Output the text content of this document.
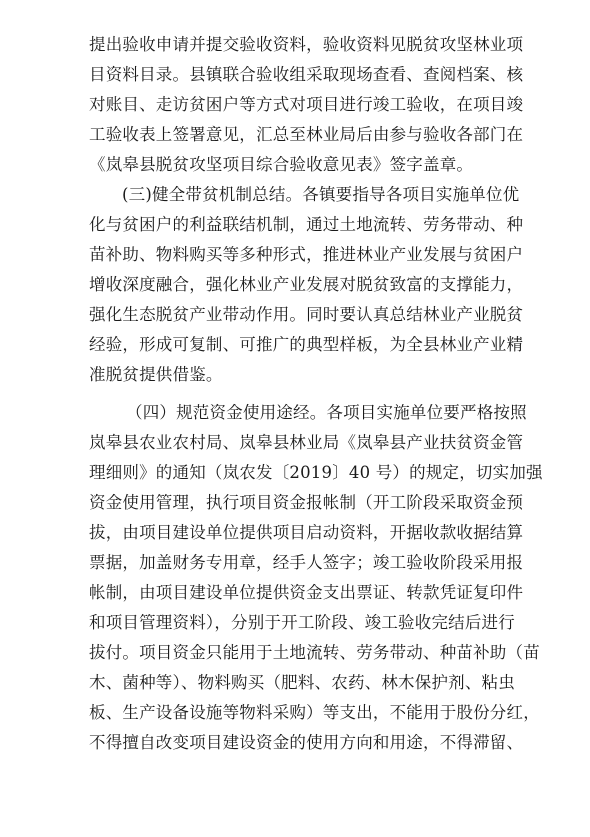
提出验收申请并提交验收资料，验收资料见脱贫攻坚林业项
目资料目录。县镇联合验收组采取现场查看、查阅档案、核
对账目、走访贫困户等方式对项目进行竣工验收，在项目竣
工验收表上签署意见，汇总至林业局后由参与验收各部门在
《岚皋县脱贫攻坚项目综合验收意见表》签字盖章。
(三)健全带贫机制总结。各镇要指导各项目实施单位优
化与贫困户的利益联结机制，通过土地流转、劳务带动、种
苗补助、物料购买等多种形式，推进林业产业发展与贫困户
增收深度融合，强化林业产业发展对脱贫致富的支撑能力，
强化生态脱贫产业带动作用。同时要认真总结林业产业脱贫
经验，形成可复制、可推广的典型样板，为全县林业产业精
准脱贫提供借鉴。
（四）规范资金使用途经。各项目实施单位要严格按照
岚皋县农业农村局、岚皋县林业局《岚皋县产业扶贫资金管
理细则》的通知（岚农发〔2019〕40 号）的规定，切实加强
资金使用管理，执行项目资金报帐制（开工阶段采取资金预
拔，由项目建设单位提供项目启动资料，开据收款收据结算
票据，加盖财务专用章，经手人签字；竣工验收阶段采用报
帐制，由项目建设单位提供资金支出票证、转款凭证复印件
和项目管理资料），分别于开工阶段、竣工验收完结后进行
拔付。项目资金只能用于土地流转、劳务带动、种苗补助（苗
木、菌种等）、物料购买（肥料、农药、林木保护剂、粘虫
板、生产设备设施等物料采购）等支出，不能用于股份分红，
不得擅自改变项目建设资金的使用方向和用途，不得滞留、
